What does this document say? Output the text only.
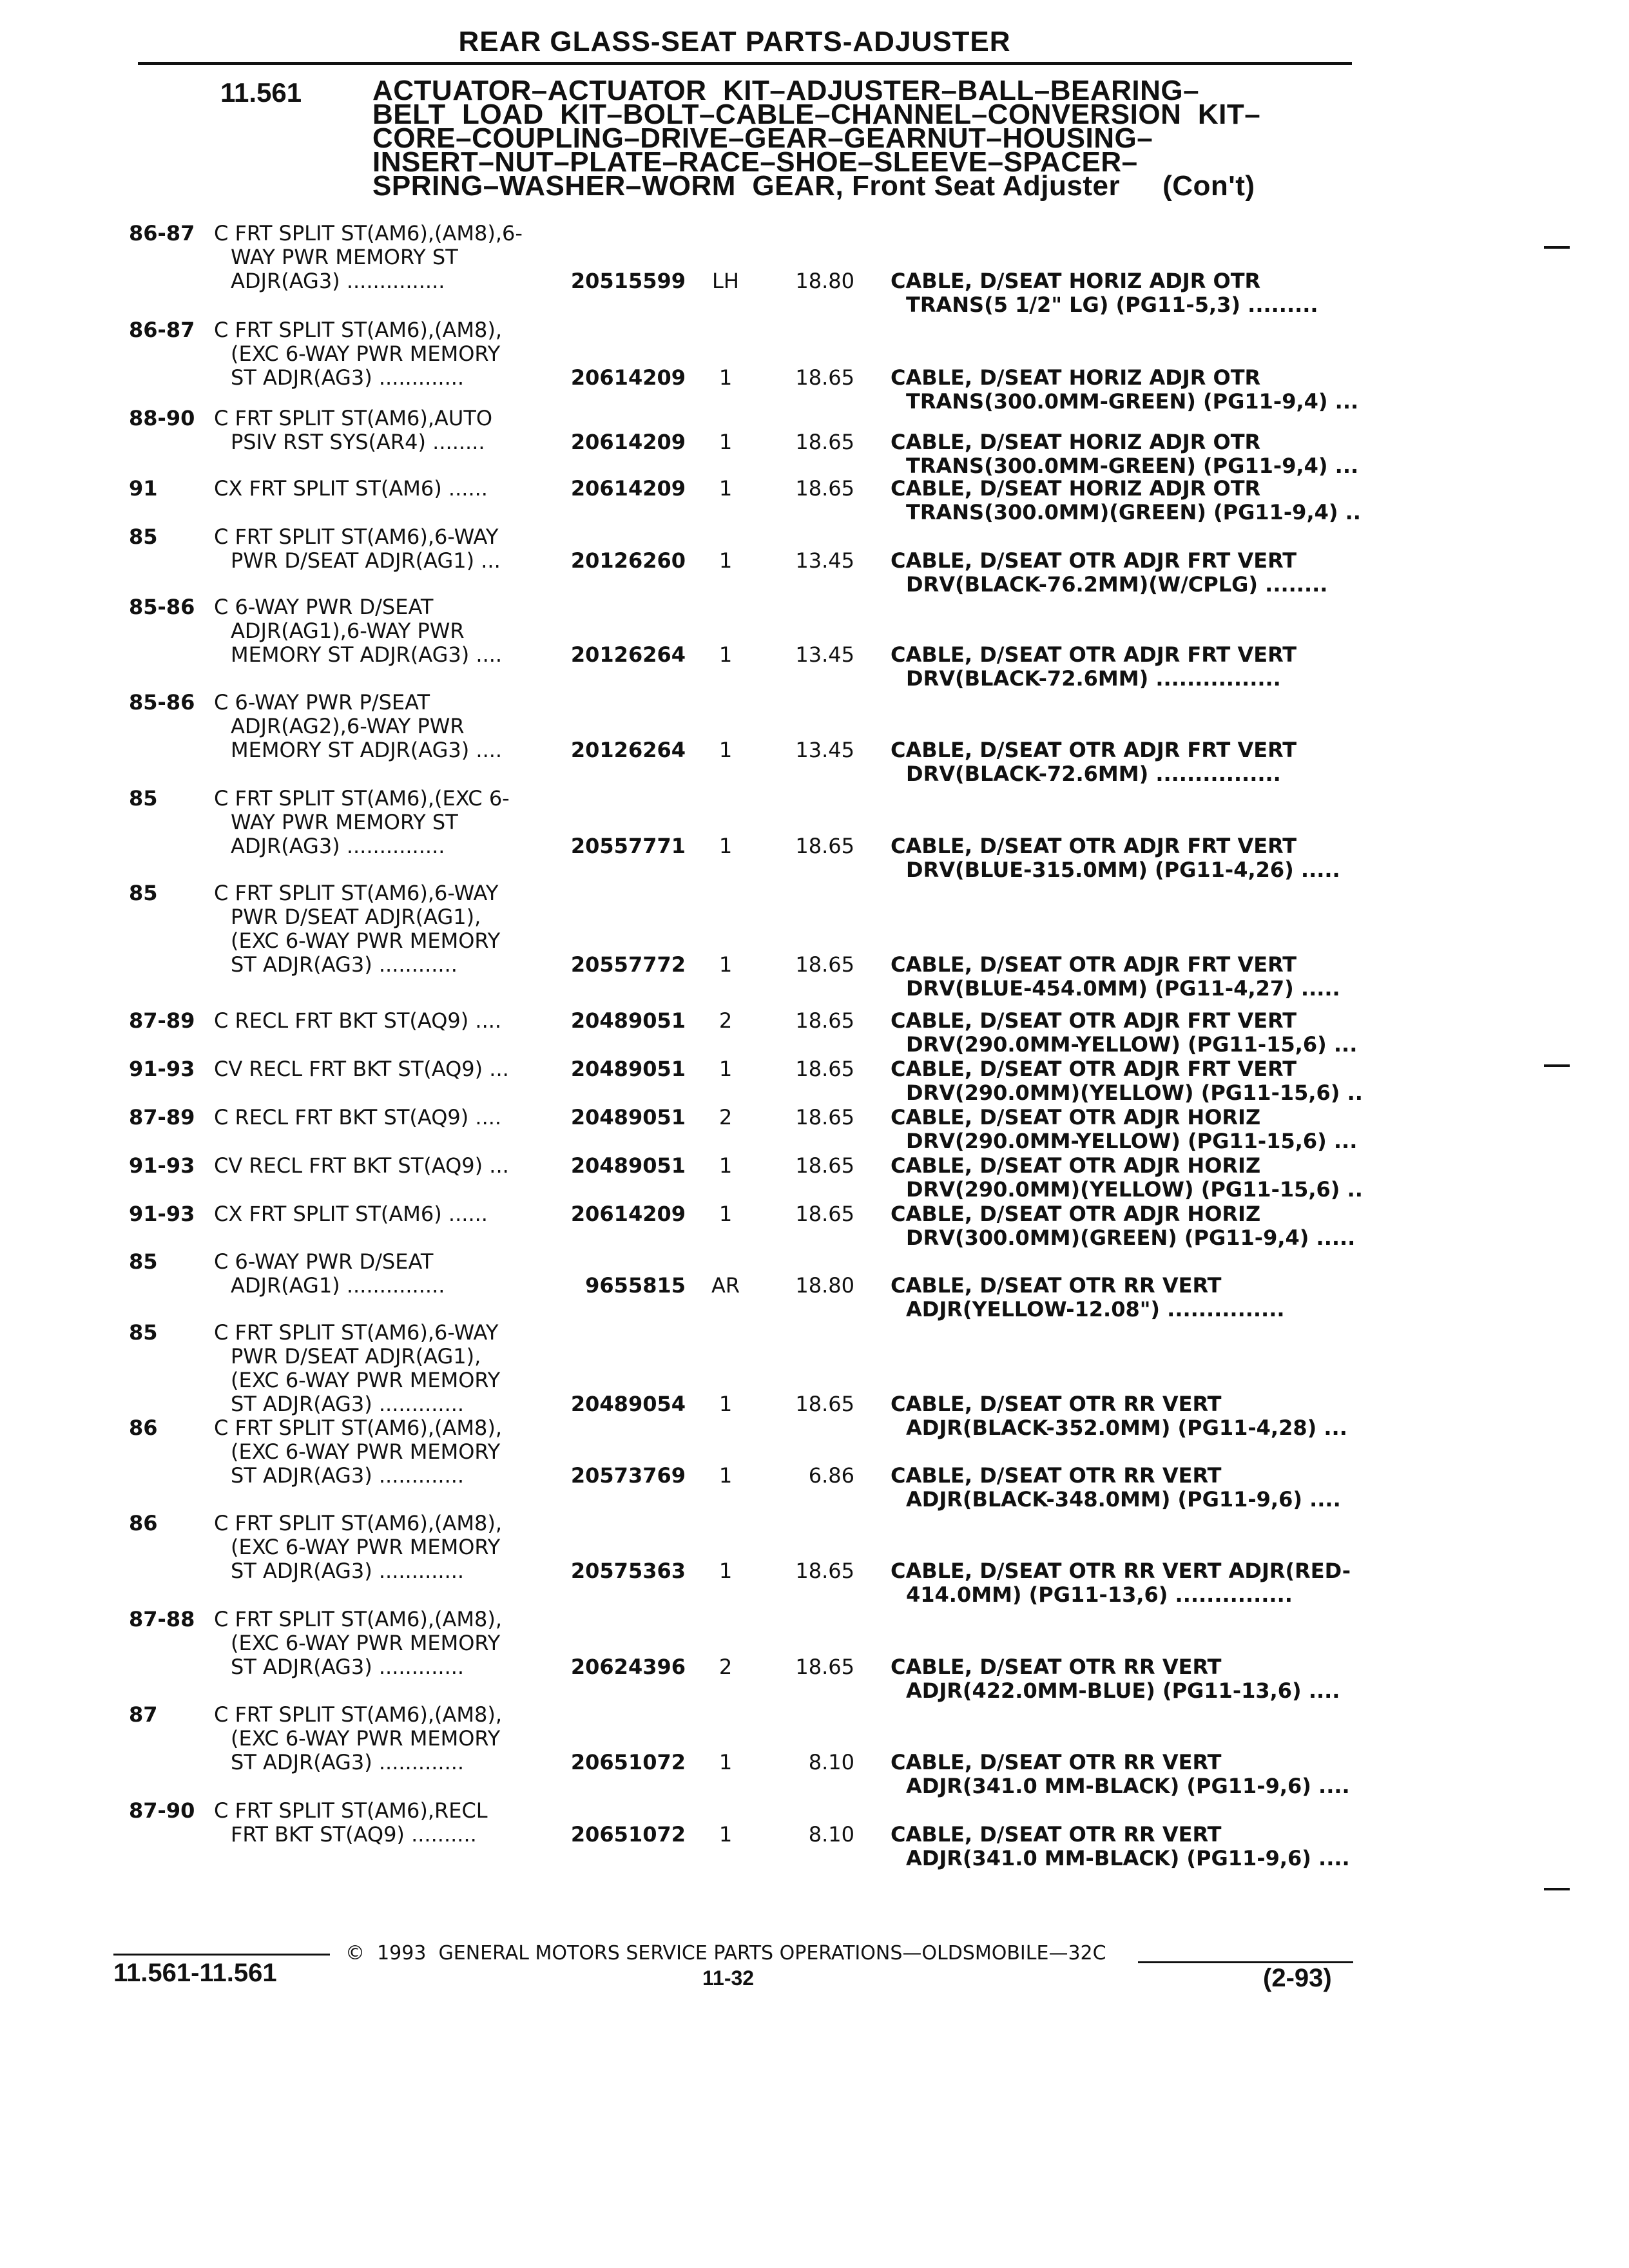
REAR GLASS-SEAT PARTS-ADJUSTER
11.561 ACTUATOR–ACTUATOR  KIT–ADJUSTER–BALL–BEARING–
BELT  LOAD  KIT–BOLT–CABLE–CHANNEL–CONVERSION  KIT–
CORE–COUPLING–DRIVE–GEAR–GEARNUT–HOUSING–
INSERT–NUT–PLATE–RACE–SHOE–SLEEVE–SPACER–
SPRING–WASHER–WORM  GEAR, Front Seat Adjuster (Con't)
86-87 C FRT SPLIT ST(AM6),(AM8),6-
WAY PWR MEMORY ST
ADJR(AG3) ...............	20515599	LH	18.80 CABLE, D/SEAT HORIZ ADJR OTR
TRANS(5 1/2" LG) (PG11-5,3) .........
86-87 C FRT SPLIT ST(AM6),(AM8),
(EXC 6-WAY PWR MEMORY
ST ADJR(AG3) .............	20614209	1	18.65 CABLE, D/SEAT HORIZ ADJR OTR
TRANS(300.0MM-GREEN) (PG11-9,4) ...
88-90 C FRT SPLIT ST(AM6),AUTO
PSIV RST SYS(AR4) ........	20614209	1	18.65 CABLE, D/SEAT HORIZ ADJR OTR
TRANS(300.0MM-GREEN) (PG11-9,4) ...
91	CX FRT SPLIT ST(AM6) ......	20614209	1	18.65 CABLE, D/SEAT HORIZ ADJR OTR
TRANS(300.0MM)(GREEN) (PG11-9,4) ..
85	C FRT SPLIT ST(AM6),6-WAY
PWR D/SEAT ADJR(AG1) ...	20126260	1	13.45 CABLE, D/SEAT OTR ADJR FRT VERT
DRV(BLACK-76.2MM)(W/CPLG) ........
85-86 C 6-WAY PWR D/SEAT
ADJR(AG1),6-WAY PWR
MEMORY ST ADJR(AG3) ....	20126264	1	13.45 CABLE, D/SEAT OTR ADJR FRT VERT
DRV(BLACK-72.6MM) ................
85-86 C 6-WAY PWR P/SEAT
ADJR(AG2),6-WAY PWR
MEMORY ST ADJR(AG3) ....	20126264	1	13.45 CABLE, D/SEAT OTR ADJR FRT VERT
DRV(BLACK-72.6MM) ................
85	C FRT SPLIT ST(AM6),(EXC 6-
WAY PWR MEMORY ST
ADJR(AG3) ...............	20557771	1	18.65 CABLE, D/SEAT OTR ADJR FRT VERT
DRV(BLUE-315.0MM) (PG11-4,26) .....
85	C FRT SPLIT ST(AM6),6-WAY
PWR D/SEAT ADJR(AG1),
(EXC 6-WAY PWR MEMORY
ST ADJR(AG3) ............	20557772	1	18.65 CABLE, D/SEAT OTR ADJR FRT VERT
DRV(BLUE-454.0MM) (PG11-4,27) .....
87-89 C RECL FRT BKT ST(AQ9) ....	20489051	2	18.65 CABLE, D/SEAT OTR ADJR FRT VERT
DRV(290.0MM-YELLOW) (PG11-15,6) ...
91-93 CV RECL FRT BKT ST(AQ9) ...	20489051	1	18.65 CABLE, D/SEAT OTR ADJR FRT VERT
DRV(290.0MM)(YELLOW) (PG11-15,6) ..
87-89 C RECL FRT BKT ST(AQ9) ....	20489051	2	18.65 CABLE, D/SEAT OTR ADJR HORIZ
DRV(290.0MM-YELLOW) (PG11-15,6) ...
91-93 CV RECL FRT BKT ST(AQ9) ...	20489051	1	18.65 CABLE, D/SEAT OTR ADJR HORIZ
DRV(290.0MM)(YELLOW) (PG11-15,6) ..
91-93 CX FRT SPLIT ST(AM6) ......	20614209	1	18.65 CABLE, D/SEAT OTR ADJR HORIZ
DRV(300.0MM)(GREEN) (PG11-9,4) .....
85	C 6-WAY PWR D/SEAT
ADJR(AG1) ...............	9655815	AR	18.80 CABLE, D/SEAT OTR RR VERT
ADJR(YELLOW-12.08") ...............
85	C FRT SPLIT ST(AM6),6-WAY
PWR D/SEAT ADJR(AG1),
(EXC 6-WAY PWR MEMORY
ST ADJR(AG3) .............	20489054	1	18.65 CABLE, D/SEAT OTR RR VERT
ADJR(BLACK-352.0MM) (PG11-4,28) ...
86	C FRT SPLIT ST(AM6),(AM8),
(EXC 6-WAY PWR MEMORY
ST ADJR(AG3) .............	20573769	1	6.86 CABLE, D/SEAT OTR RR VERT
ADJR(BLACK-348.0MM) (PG11-9,6) ....
86	C FRT SPLIT ST(AM6),(AM8),
(EXC 6-WAY PWR MEMORY
ST ADJR(AG3) .............	20575363	1	18.65 CABLE, D/SEAT OTR RR VERT ADJR(RED-
414.0MM) (PG11-13,6) ...............
87-88 C FRT SPLIT ST(AM6),(AM8),
(EXC 6-WAY PWR MEMORY
ST ADJR(AG3) .............	20624396	2	18.65 CABLE, D/SEAT OTR RR VERT
ADJR(422.0MM-BLUE) (PG11-13,6) ....
87	C FRT SPLIT ST(AM6),(AM8),
(EXC 6-WAY PWR MEMORY
ST ADJR(AG3) .............	20651072	1	8.10 CABLE, D/SEAT OTR RR VERT
ADJR(341.0 MM-BLACK) (PG11-9,6) ....
87-90 C FRT SPLIT ST(AM6),RECL
FRT BKT ST(AQ9) ..........	20651072	1	8.10 CABLE, D/SEAT OTR RR VERT
ADJR(341.0 MM-BLACK) (PG11-9,6) ....
©  1993  GENERAL MOTORS SERVICE PARTS OPERATIONS—OLDSMOBILE—32C
11.561-11.561	11-32	(2-93)
